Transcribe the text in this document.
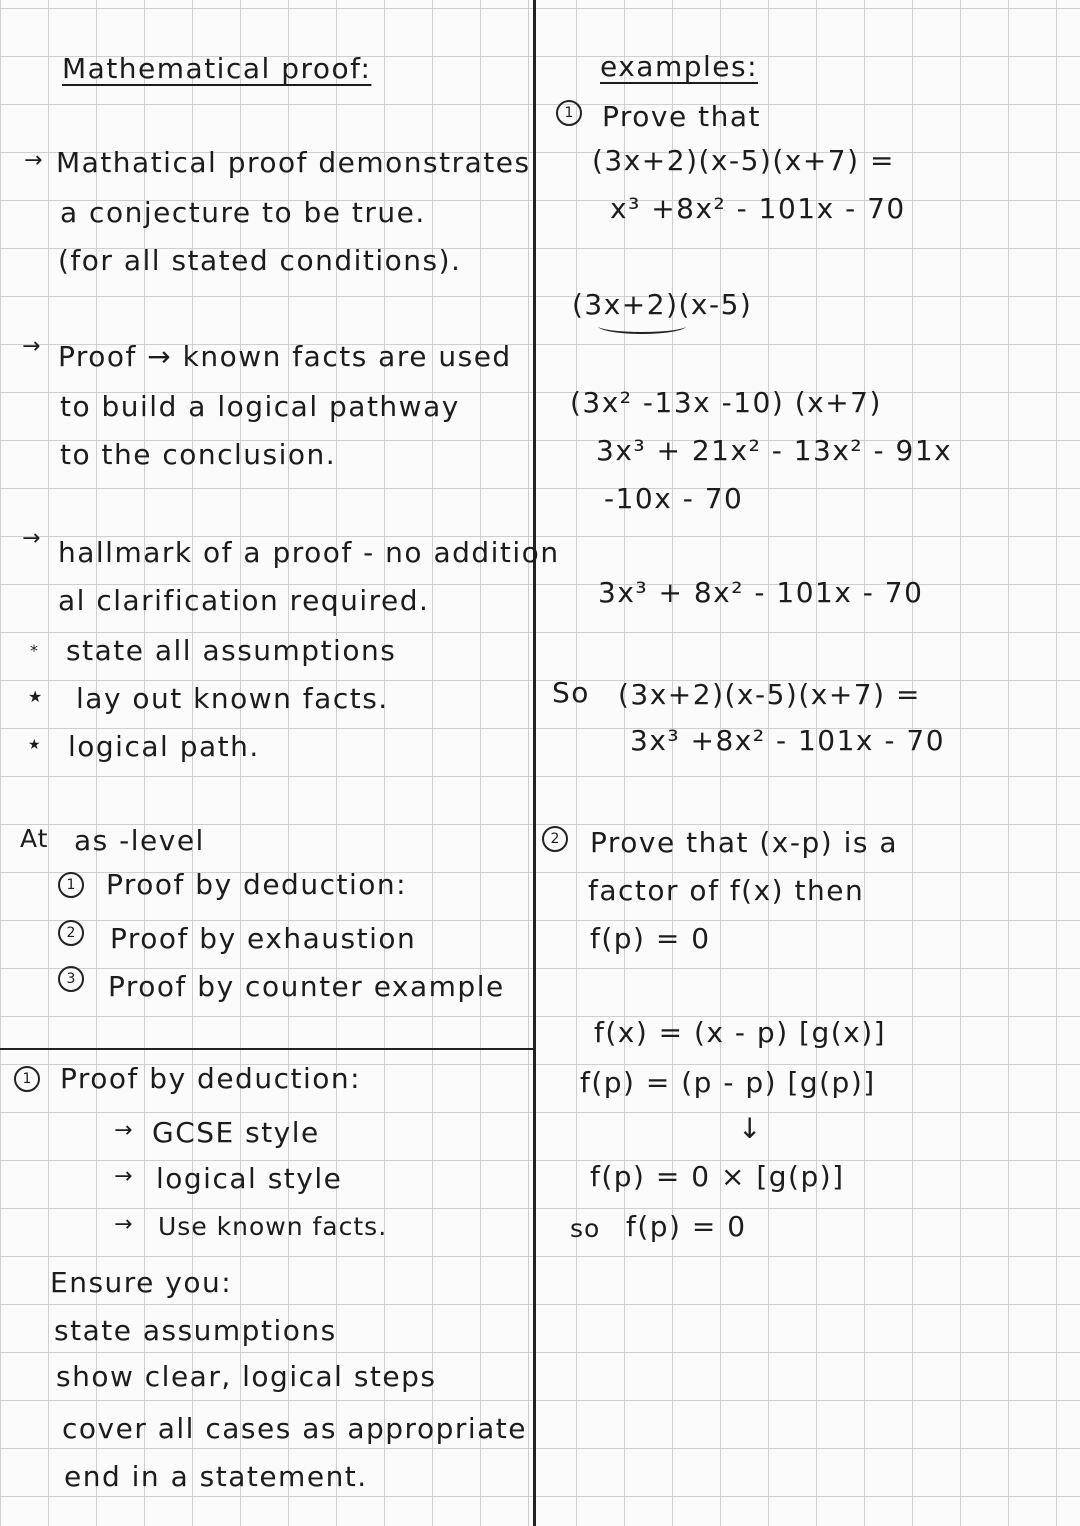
Mathematical proof:
→ Mathatical proof demonstrates
a conjecture to be true.
(for all stated conditions).
→ Proof → known facts are used
to build a logical pathway
to the conclusion.
→ hallmark of a proof - no addition
al clarification required.
* state all assumptions
★ lay out known facts.
★ logical path.
At as -level
1	Proof by deduction:
2	Proof by exhaustion
3	Proof by counter example
1	Proof by deduction:
→ GCSE style
→ logical style
→ Use known facts.
Ensure you:
state assumptions
show clear, logical steps
cover all cases as appropriate
end in a statement.
examples:
1	Prove that
(3x+2)(x-5)(x+7) =
x³ +8x² - 101x - 70
(3x+2)(x-5)
(3x² -13x -10) (x+7)
3x³ + 21x² - 13x² - 91x
-10x - 70
3x³ + 8x² - 101x - 70
So (3x+2)(x-5)(x+7) =
3x³ +8x² - 101x - 70
2	Prove that (x-p) is a
factor of f(x) then
f(p) = 0
f(x) = (x - p) [g(x)]
f(p) = (p - p) [g(p)]
↓
f(p) = 0 × [g(p)]
so f(p) = 0
